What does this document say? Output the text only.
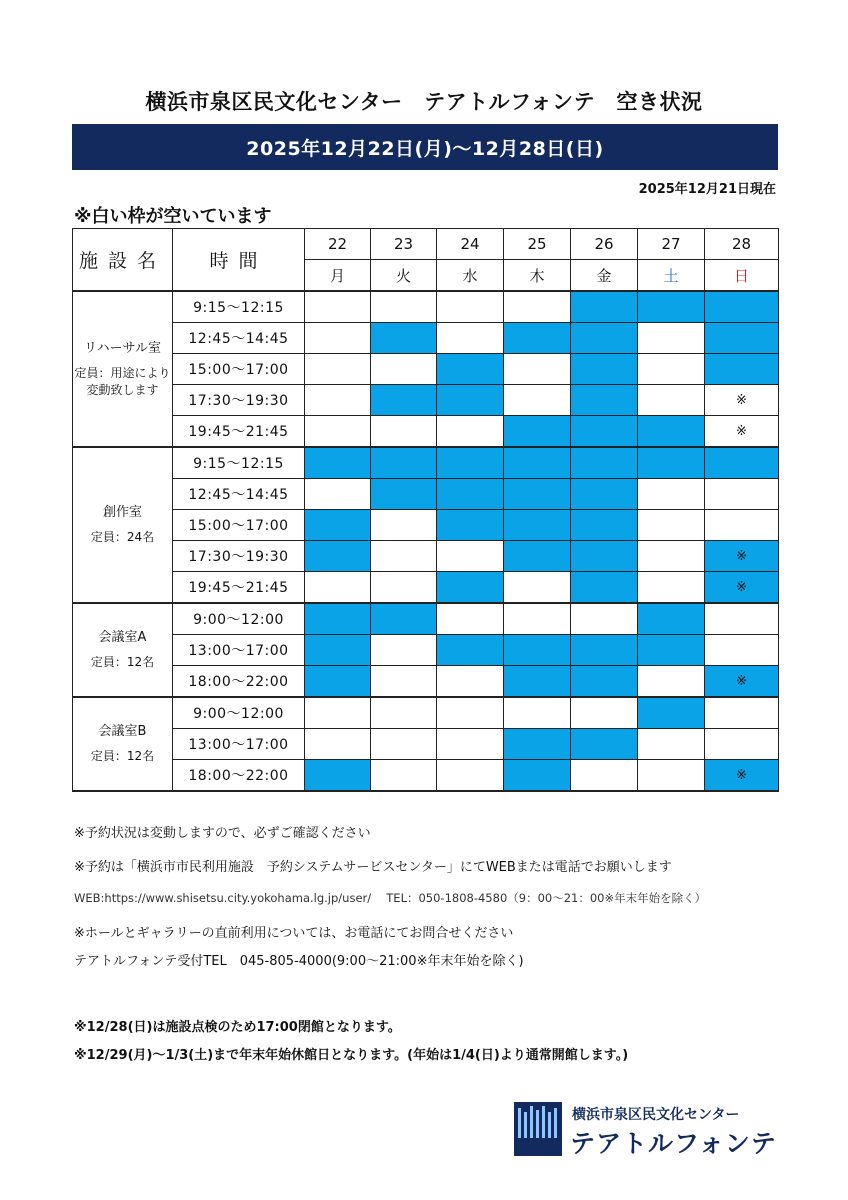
横浜市泉区民文化センター　テアトルフォンテ　空き状況
2025年12月22日(月)～12月28日(日)
2025年12月21日現在
※白い枠が空いています
施設名	時間	22	23	24	25	26	27	28
		月	火	水	木	金	土	日
リハーサル室
定員：用途により変動致します	9:15～12:15							
	12:45～14:45							
	15:00～17:00							
	17:30～19:30							※
	19:45～21:45							※
創作室
定員：24名	9:15～12:15							
	12:45～14:45							
	15:00～17:00							
	17:30～19:30							※
	19:45～21:45							※
会議室A
定員：12名	9:00～12:00							
	13:00～17:00							
	18:00～22:00							※
会議室B
定員：12名	9:00～12:00							
	13:00～17:00							
	18:00～22:00							※
※予約状況は変動しますので、必ずご確認ください
※予約は「横浜市市民利用施設　予約システムサービスセンター」にてWEBまたは電話でお願いします
WEB:https://www.shisetsu.city.yokohama.lg.jp/user/　 TEL：050-1808-4580（9：00～21：00※年末年始を除く）
※ホールとギャラリーの直前利用については、お電話にてお問合せください
テアトルフォンテ受付TEL　045-805-4000(9:00～21:00※年末年始を除く)
※12/28(日)は施設点検のため17:00閉館となります。
※12/29(月)～1/3(土)まで年末年始休館日となります。(年始は1/4(日)より通常開館します。)
横浜市泉区民文化センター
テアトルフォンテ
